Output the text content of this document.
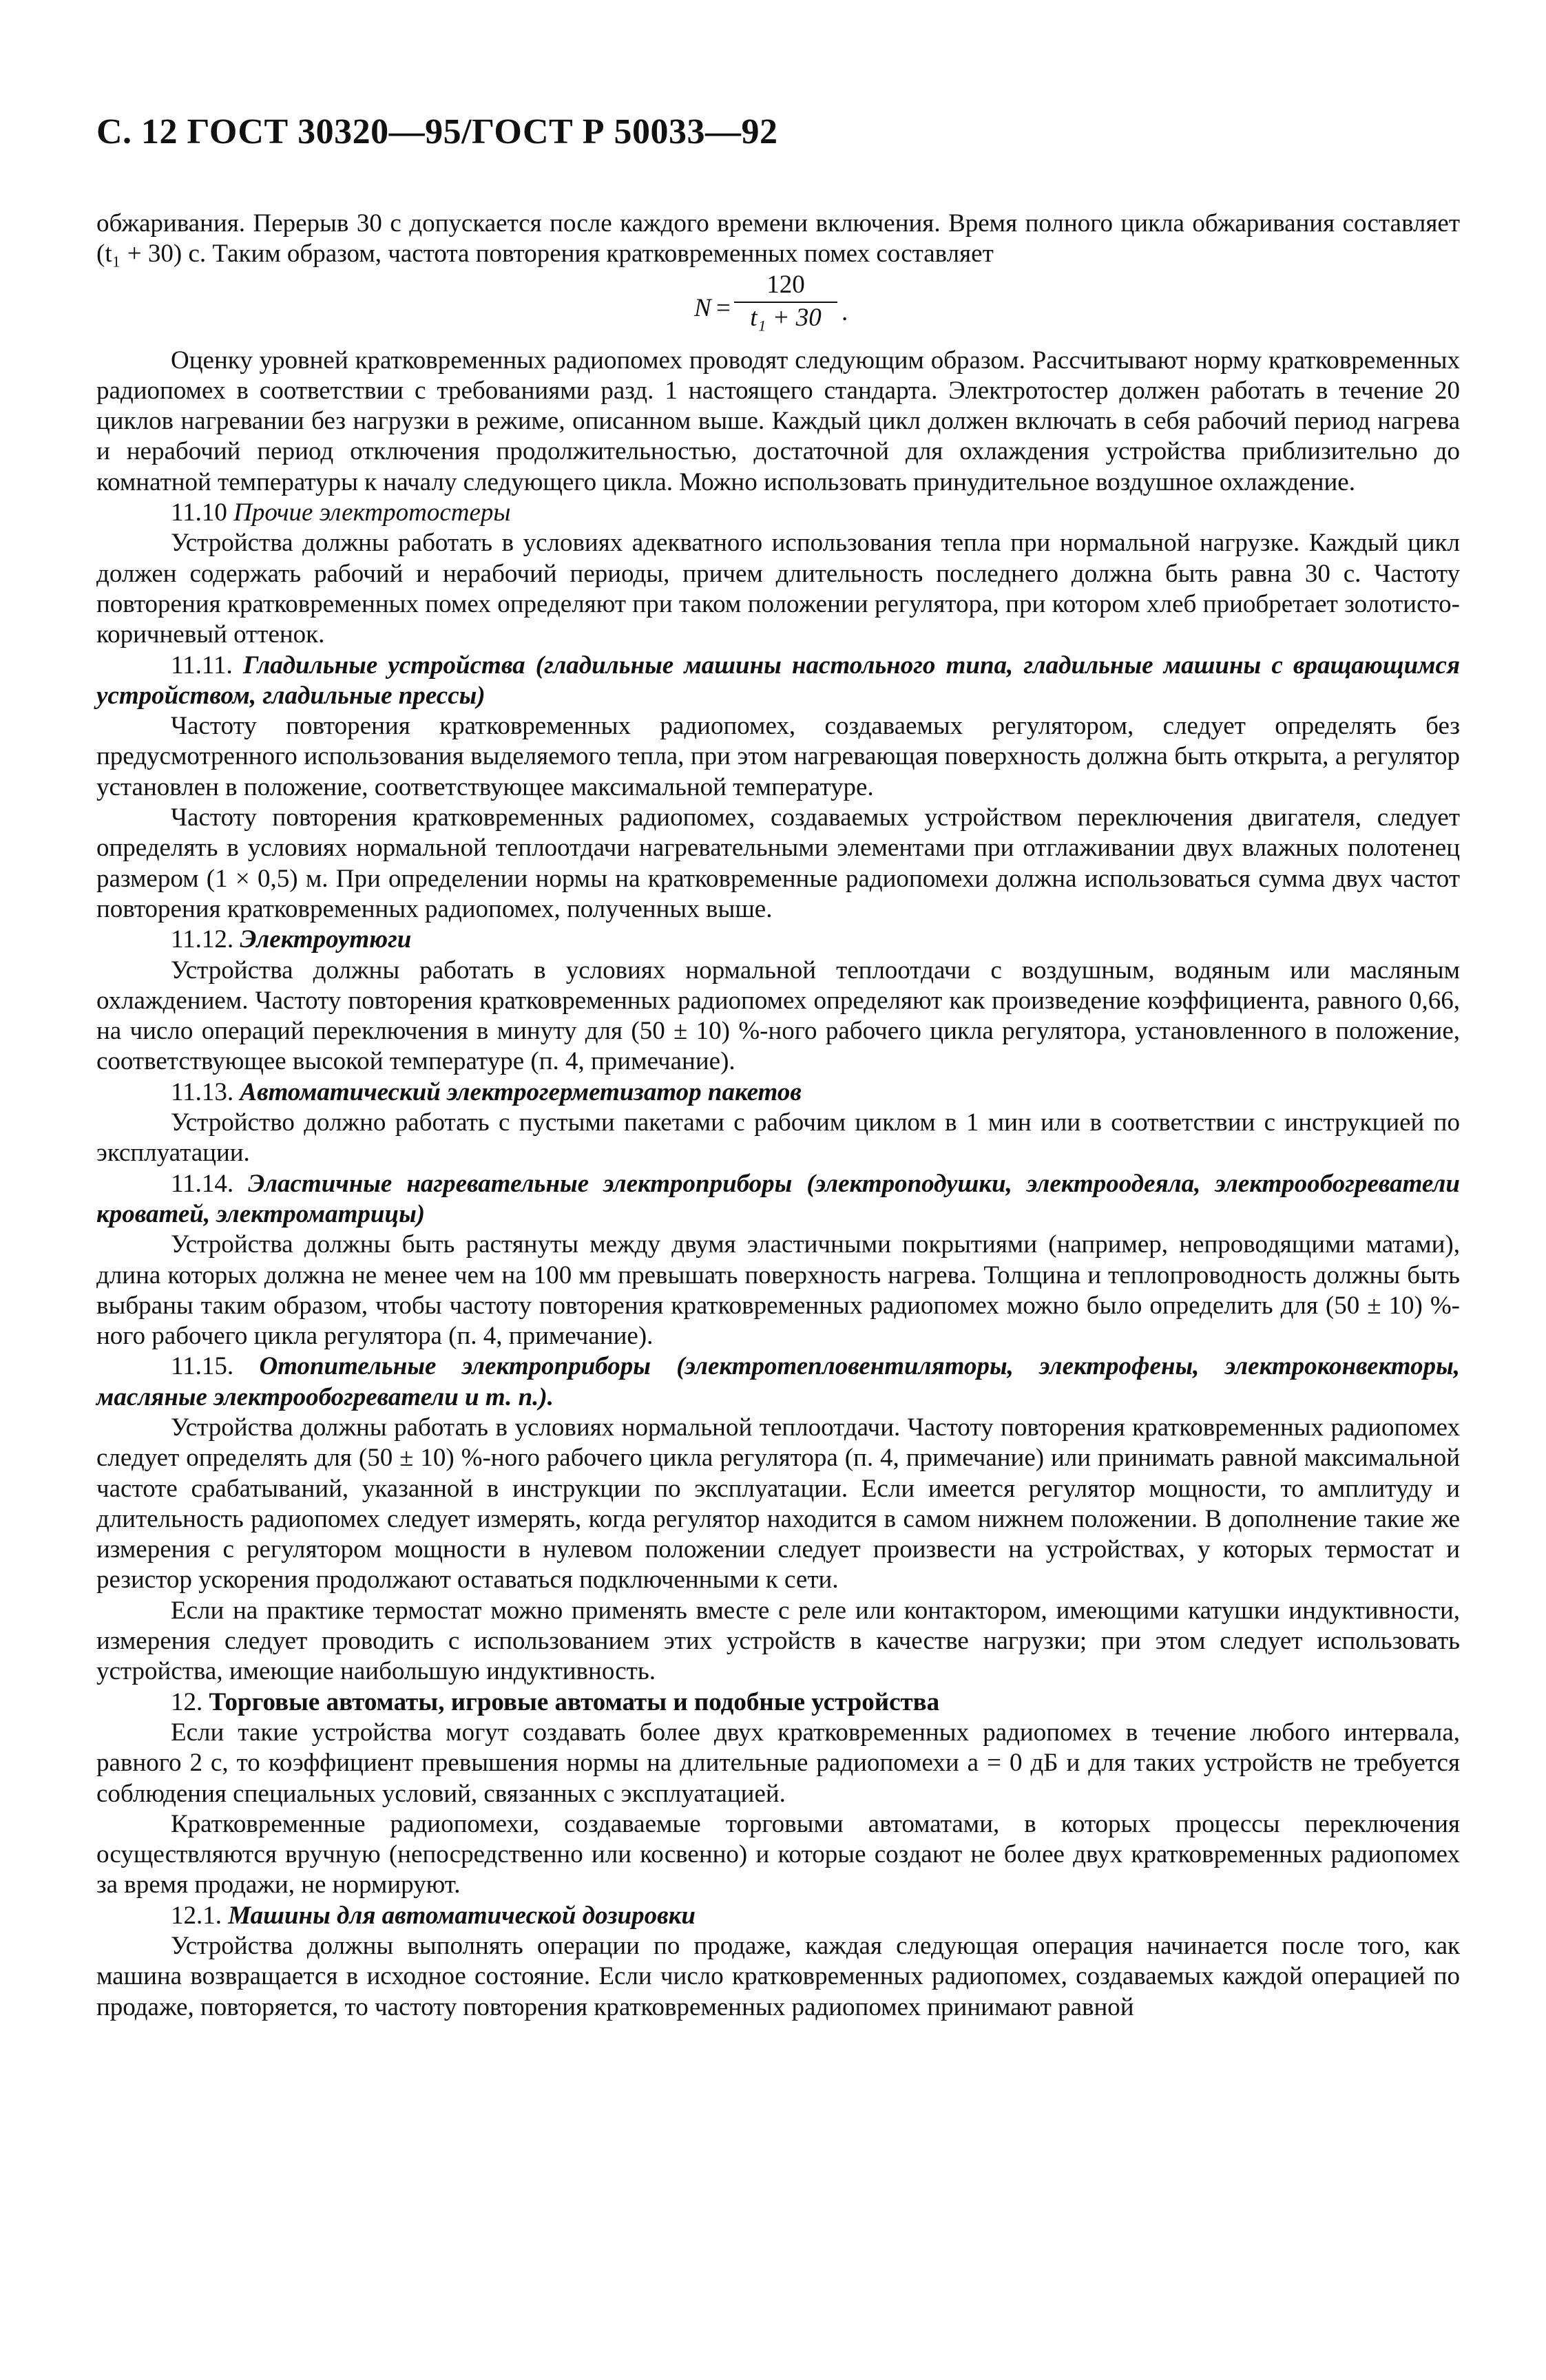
С. 12 ГОСТ 30320—95/ГОСТ Р 50033—92

обжаривания. Перерыв 30 с допускается после каждого времени включения. Время полного цикла обжаривания составляет (t₁ + 30) с. Таким образом, частота повторения кратковременных помех составляет

$N = \frac{120}{\text{t₁ + 30}}$ .

Оценку уровней кратковременных радиопомех проводят следующим образом. Рассчитывают норму кратковременных радиопомех в соответствии с требованиями разд. 1 настоящего стандарта. Электротостер должен работать в течение 20 циклов нагревании без нагрузки в режиме, описанном выше. Каждый цикл должен включать в себя рабочий период нагрева и нерабочий период отключения продолжительностью, достаточной для охлаждения устройства приблизительно до комнатной температуры к началу следующего цикла. Можно использовать принудительное воздушное охлаждение.

11.10 Прочие электротостеры

Устройства должны работать в условиях адекватного использования тепла при нормальной нагрузке. Каждый цикл должен содержать рабочий и нерабочий периоды, причем длительность последнего должна быть равна 30 с. Частоту повторения кратковременных помех определяют при таком положении регулятора, при котором хлеб приобретает золотисто-коричневый оттенок.

11.11. Гладильные устройства (гладильные машины настольного типа, гладильные машины с вращающимся устройством, гладильные прессы)

Частоту повторения кратковременных радиопомех, создаваемых регулятором, следует определять без предусмотренного использования выделяемого тепла, при этом нагревающая поверхность должна быть открыта, а регулятор установлен в положение, соответствующее максимальной температуре.

Частоту повторения кратковременных радиопомех, создаваемых устройством переключения двигателя, следует определять в условиях нормальной теплоотдачи нагревательными элементами при отглаживании двух влажных полотенец размером (1 × 0,5) м. При определении нормы на кратковременные радиопомехи должна использоваться сумма двух частот повторения кратковременных радиопомех, полученных выше.

11.12. Электроутюги

Устройства должны работать в условиях нормальной теплоотдачи с воздушным, водяным или масляным охлаждением. Частоту повторения кратковременных радиопомех определяют как произведение коэффициента, равного 0,66, на число операций переключения в минуту для (50 ± 10) %-ного рабочего цикла регулятора, установленного в положение, соответствующее высокой температуре (п. 4, примечание).

11.13. Автоматический электрогерметизатор пакетов

Устройство должно работать с пустыми пакетами с рабочим циклом в 1 мин или в соответствии с инструкцией по эксплуатации.

11.14. Эластичные нагревательные электроприборы (электроподушки, электроодеяла, электрообогреватели кроватей, электроматрицы)

Устройства должны быть растянуты между двумя эластичными покрытиями (например, непроводящими матами), длина которых должна не менее чем на 100 мм превышать поверхность нагрева. Толщина и теплопроводность должны быть выбраны таким образом, чтобы частоту повторения кратковременных радиопомех можно было определить для (50 ± 10) %-ного рабочего цикла регулятора (п. 4, примечание).

11.15. Отопительные электроприборы (электротепловентиляторы, электрофены, электроконвекторы, масляные электрообогреватели и т. п.).

Устройства должны работать в условиях нормальной теплоотдачи. Частоту повторения кратковременных радиопомех следует определять для (50 ± 10) %-ного рабочего цикла регулятора (п. 4, примечание) или принимать равной максимальной частоте срабатываний, указанной в инструкции по эксплуатации. Если имеется регулятор мощности, то амплитуду и длительность радиопомех следует измерять, когда регулятор находится в самом нижнем положении. В дополнение такие же измерения с регулятором мощности в нулевом положении следует произвести на устройствах, у которых термостат и резистор ускорения продолжают оставаться подключенными к сети.

Если на практике термостат можно применять вместе с реле или контактором, имеющими катушки индуктивности, измерения следует проводить с использованием этих устройств в качестве нагрузки; при этом следует использовать устройства, имеющие наибольшую индуктивность.

12. Торговые автоматы, игровые автоматы и подобные устройства

Если такие устройства могут создавать более двух кратковременных радиопомех в течение любого интервала, равного 2 с, то коэффициент превышения нормы на длительные радиопомехи a = 0 дБ и для таких устройств не требуется соблюдения специальных условий, связанных с эксплуатацией.

Кратковременные радиопомехи, создаваемые торговыми автоматами, в которых процессы переключения осуществляются вручную (непосредственно или косвенно) и которые создают не более двух кратковременных радиопомех за время продажи, не нормируют.

12.1. Машины для автоматической дозировки

Устройства должны выполнять операции по продаже, каждая следующая операция начинается после того, как машина возвращается в исходное состояние. Если число кратковременных радиопомех, создаваемых каждой операцией по продаже, повторяется, то частоту повторения кратковременных радиопомех принимают равной
